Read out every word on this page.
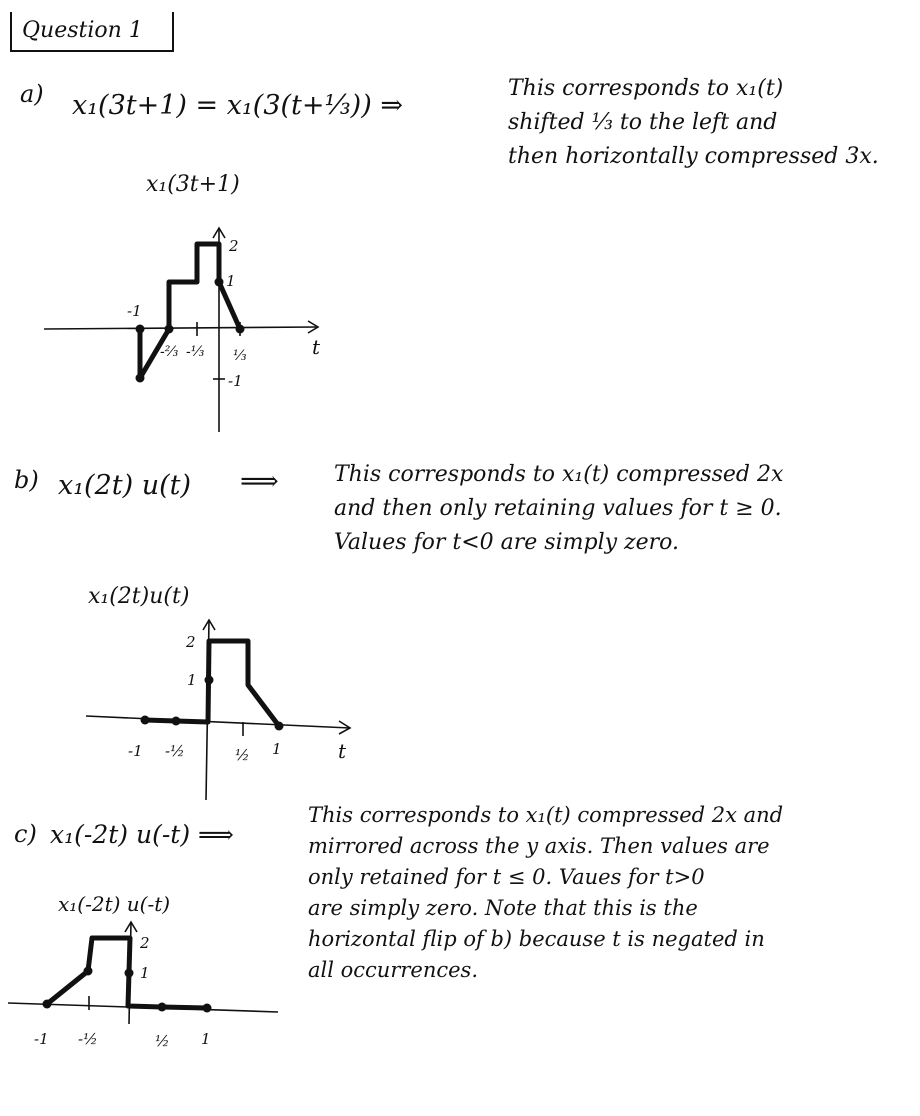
Question 1
a) x₁(3t+1) = x₁(3(t+⅓)) ⇒
This corresponds to x₁(t)
shifted ⅓ to the left and
then horizontally compressed 3x.
x₁(3t+1)
-1
-⅔ -⅓ ⅓
-1
2
1
t
b) x₁(2t) u(t) ⟹	This corresponds to x₁(t) compressed 2x
and then only retaining values for t ≥ 0.
Values for t<0 are simply zero.
x₁(2t)u(t)
2
1
-1 -½	½ 1	t
c) x₁(-2t) u(-t) ⟹
This corresponds to x₁(t) compressed 2x and
mirrored across the y axis. Then values are
only retained for t ≤ 0. Vaues for t>0
are simply zero. Note that this is the
horizontal flip of b) because t is negated in
all occurrences.
x₁(-2t) u(-t)
2
1
-1 -½	½ 1
